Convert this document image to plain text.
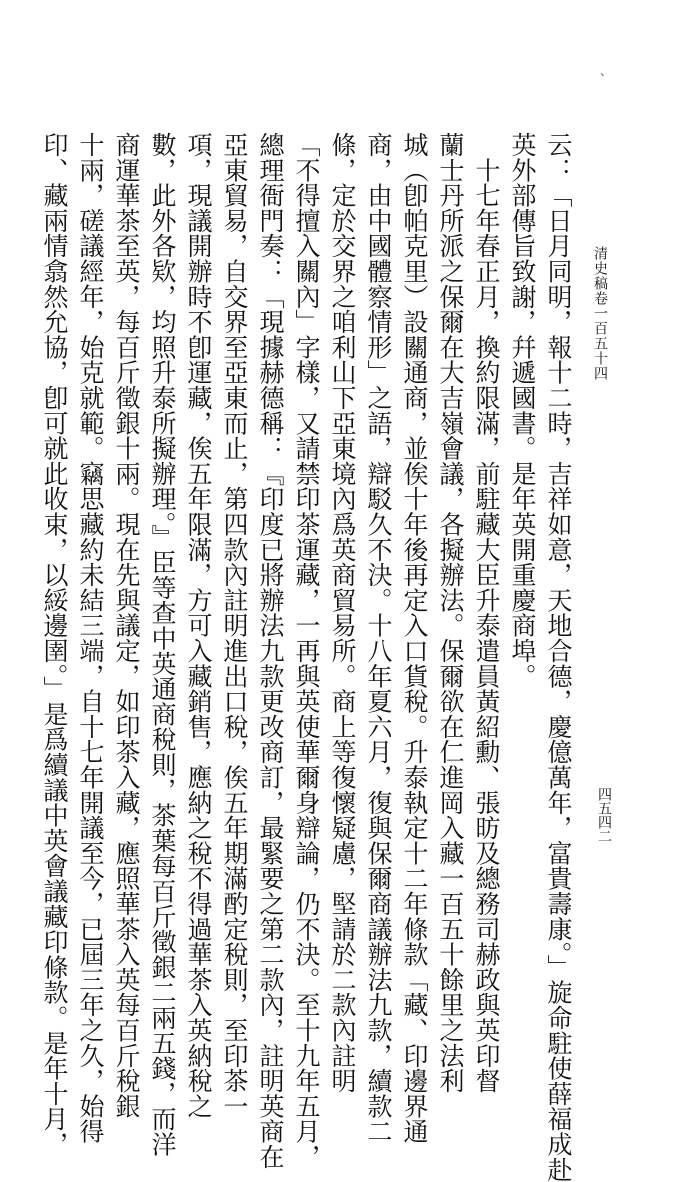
、
清史稿卷一百五十四
四五四二
云：「日月同明，報十二時，吉祥如意，天地合德，慶億萬年，富貴壽康。」旋命駐使薛福成赴
英外部傳旨致謝，幷遞國書。是年英開重慶商埠。
　十七年春正月，換約限滿，前駐藏大臣升泰遣員黃紹勳、張昉及總務司赫政與英印督
蘭士丹所派之保爾在大吉嶺會議，各擬辦法。保爾欲在仁進岡入藏一百五十餘里之法利
城（卽帕克里）設關通商，並俟十年後再定入口貨稅。升泰執定十二年條款「藏、印邊界通
商，由中國體察情形」之語，辯駁久不決。十八年夏六月，復與保爾商議辦法九款，續款二
條，定於交界之咱利山下亞東境內爲英商貿易所。商上等復懷疑慮，堅請於二款內註明
「不得擅入關內」字樣，又請禁印茶運藏，一再與英使華爾身辯論，仍不決。至十九年五月，
總理衙門奏：「現據赫德稱：『印度已將辦法九款更改商訂，最緊要之第二款內，註明英商在
亞東貿易，自交界至亞東而止，第四款內註明進出口稅，俟五年期滿酌定稅則，至印茶一
項，現議開辦時不卽運藏，俟五年限滿，方可入藏銷售，應納之稅不得過華茶入英納稅之
數，此外各欵，均照升泰所擬辦理。』臣等查中英通商稅則，茶葉每百斤徵銀二兩五錢，而洋
商運華茶至英，每百斤徵銀十兩。現在先與議定，如印茶入藏，應照華茶入英每百斤稅銀
十兩，磋議經年，始克就範。竊思藏約未結三端，自十七年開議至今，已屆三年之久，始得
印、藏兩情翕然允協，卽可就此收束，以綏邊圉。」是爲續議中英會議藏印條款。是年十月，
